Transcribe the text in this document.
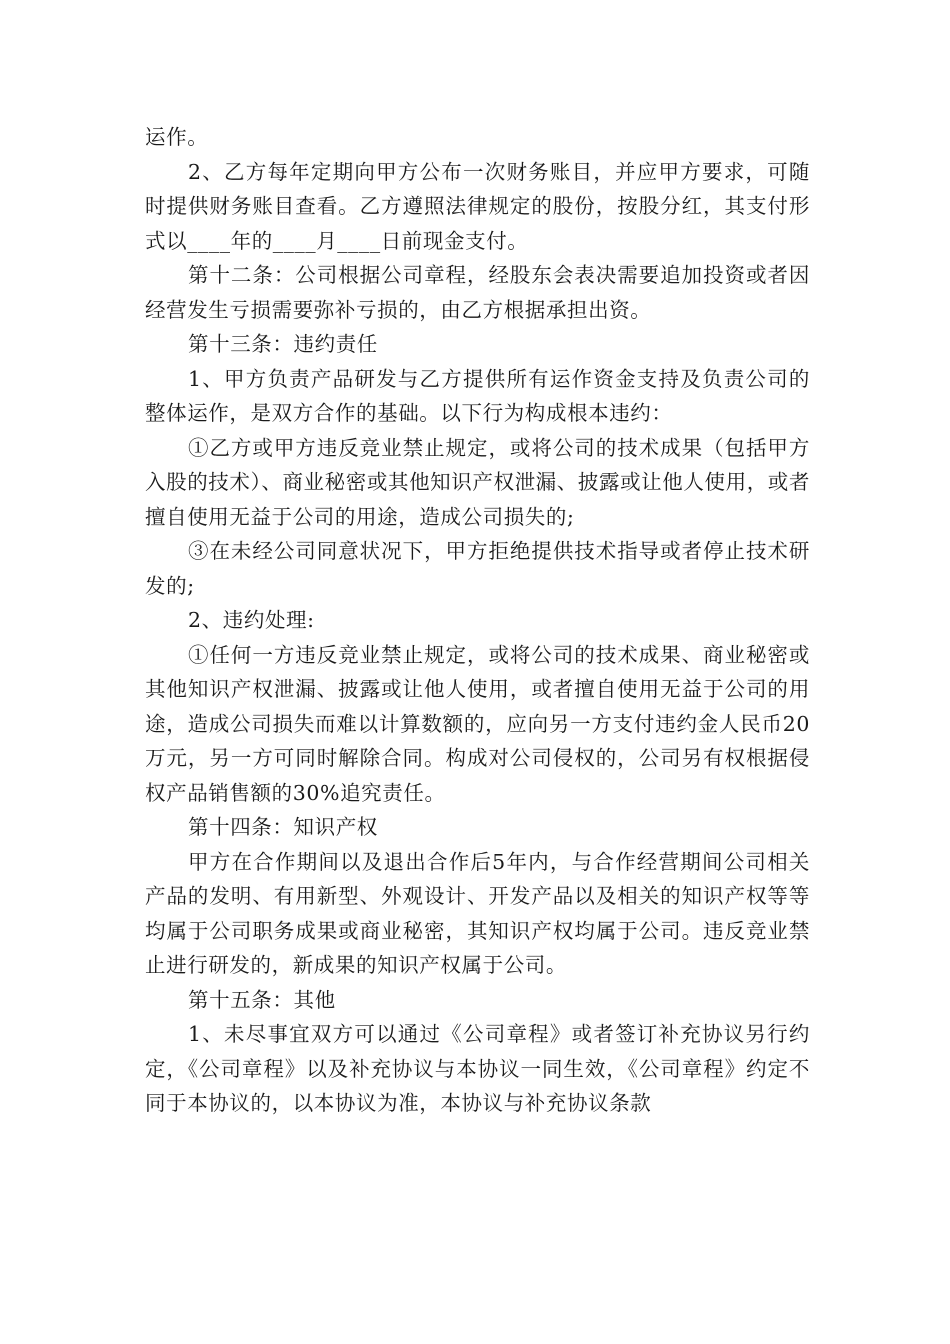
运作。

2、乙方每年定期向甲方公布一次财务账目，并应甲方要求，可随时提供财务账目查看。乙方遵照法律规定的股份，按股分红，其支付形式以____年的____月____日前现金支付。

第十二条：公司根据公司章程，经股东会表决需要追加投资或者因经营发生亏损需要弥补亏损的，由乙方根据承担出资。

第十三条：违约责任

1、甲方负责产品研发与乙方提供所有运作资金支持及负责公司的整体运作，是双方合作的基础。以下行为构成根本违约：

①乙方或甲方违反竞业禁止规定，或将公司的技术成果（包括甲方入股的技术）、商业秘密或其他知识产权泄漏、披露或让他人使用，或者擅自使用无益于公司的用途，造成公司损失的;

③在未经公司同意状况下，甲方拒绝提供技术指导或者停止技术研发的;

2、违约处理:

①任何一方违反竞业禁止规定，或将公司的技术成果、商业秘密或其他知识产权泄漏、披露或让他人使用，或者擅自使用无益于公司的用途，造成公司损失而难以计算数额的，应向另一方支付违约金人民币20万元，另一方可同时解除合同。构成对公司侵权的，公司另有权根据侵权产品销售额的30%追究责任。

第十四条：知识产权

甲方在合作期间以及退出合作后5年内，与合作经营期间公司相关产品的发明、有用新型、外观设计、开发产品以及相关的知识产权等等均属于公司职务成果或商业秘密，其知识产权均属于公司。违反竞业禁止进行研发的，新成果的知识产权属于公司。

第十五条：其他

1、未尽事宜双方可以通过《公司章程》或者签订补充协议另行约定，《公司章程》以及补充协议与本协议一同生效，《公司章程》约定不同于本协议的，以本协议为准，本协议与补充协议条款
